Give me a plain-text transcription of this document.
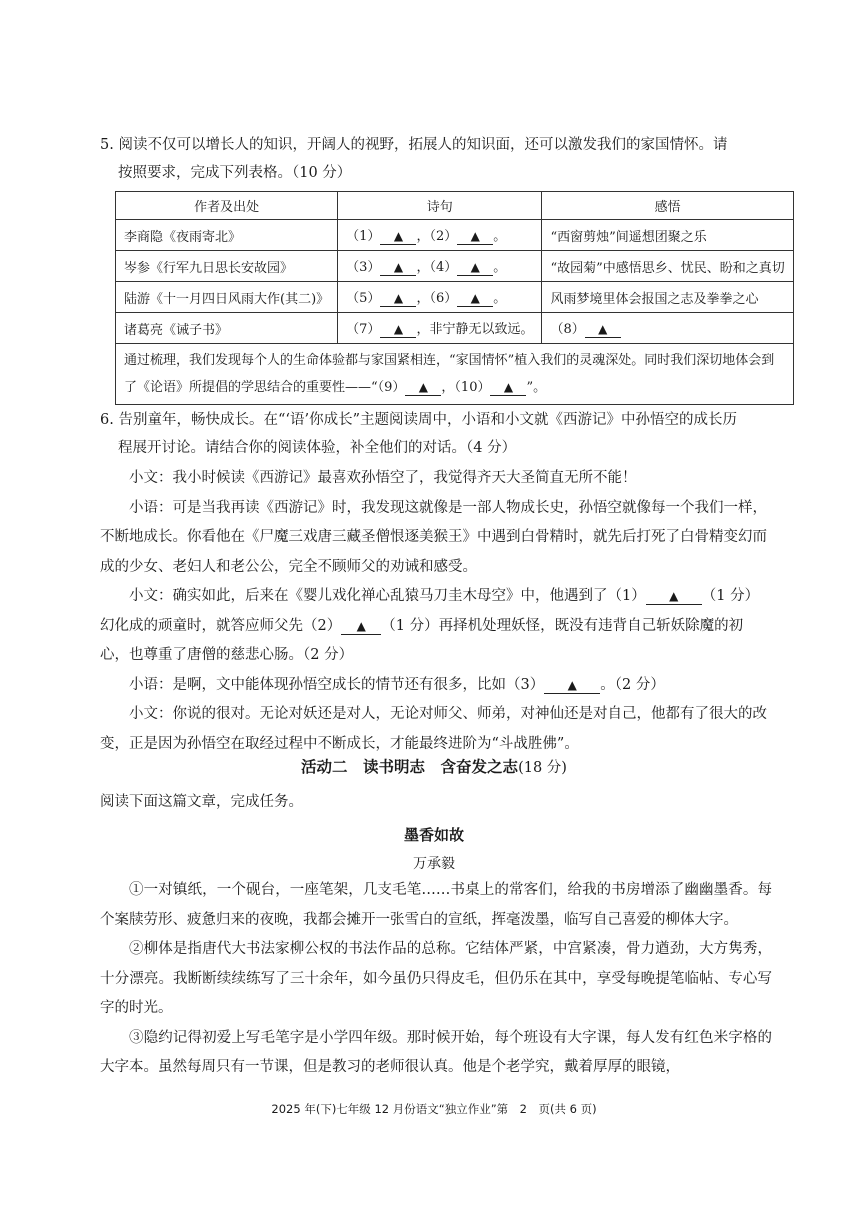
5. 阅读不仅可以增长人的知识，开阔人的视野，拓展人的知识面，还可以激发我们的家国情怀。请
按照要求，完成下列表格。（10 分）
作者及出处	诗句	感悟
李商隐《夜雨寄北》	（1） ▲ ，（2） ▲ 。	“西窗剪烛”间遥想团聚之乐
岑参《行军九日思长安故园》	（3） ▲ ，（4） ▲ 。	“故园菊”中感悟思乡、忧民、盼和之真切
陆游《十一月四日风雨大作(其二)》	（5） ▲ ，（6） ▲ 。	风雨梦境里体会报国之志及拳拳之心
诸葛亮《诫子书》	（7） ▲ ，非宁静无以致远。	（8） ▲
通过梳理，我们发现每个人的生命体验都与家国紧相连，“家国情怀”植入我们的灵魂深处。同时我们深切地体会到了《论语》所提倡的学思结合的重要性——“（9） ▲ ，（10） ▲ ”。		
6. 告别童年，畅快成长。在“‘语’你成长”主题阅读周中，小语和小文就《西游记》中孙悟空的成长历
程展开讨论。请结合你的阅读体验，补全他们的对话。（4 分）

小文：我小时候读《西游记》最喜欢孙悟空了，我觉得齐天大圣简直无所不能！

小语：可是当我再读《西游记》时，我发现这就像是一部人物成长史，孙悟空就像每一个我们一样，不断地成长。你看他在《尸魔三戏唐三藏圣僧恨逐美猴王》中遇到白骨精时，就先后打死了白骨精变幻而成的少女、老妇人和老公公，完全不顾师父的劝诫和感受。

小文：确实如此，后来在《婴儿戏化禅心乱猿马刀圭木母空》中，他遇到了（1） ▲ （1 分）幻化成的顽童时，就答应师父先（2） ▲ （1 分）再择机处理妖怪，既没有违背自己斩妖除魔的初心，也尊重了唐僧的慈悲心肠。（2 分）

小语：是啊，文中能体现孙悟空成长的情节还有很多，比如（3） ▲ 。（2 分）

小文：你说的很对。无论对妖还是对人，无论对师父、师弟，对神仙还是对自己，他都有了很大的改变，正是因为孙悟空在取经过程中不断成长，才能最终进阶为“斗战胜佛”。

活动二　读书明志　含奋发之志(18 分)
阅读下面这篇文章，完成任务。
墨香如故
万承毅

①一对镇纸，一个砚台，一座笔架，几支毛笔……书桌上的常客们，给我的书房增添了幽幽墨香。每个案牍劳形、疲惫归来的夜晚，我都会摊开一张雪白的宣纸，挥毫泼墨，临写自己喜爱的柳体大字。

②柳体是指唐代大书法家柳公权的书法作品的总称。它结体严紧，中宫紧凑，骨力遒劲，大方隽秀，十分漂亮。我断断续续练写了三十余年，如今虽仍只得皮毛，但仍乐在其中，享受每晚提笔临帖、专心写字的时光。

③隐约记得初爱上写毛笔字是小学四年级。那时候开始，每个班设有大字课，每人发有红色米字格的大字本。虽然每周只有一节课，但是教习的老师很认真。他是个老学究，戴着厚厚的眼镜，

2025 年(下)七年级 12 月份语文“独立作业”第　2　页(共 6 页)
